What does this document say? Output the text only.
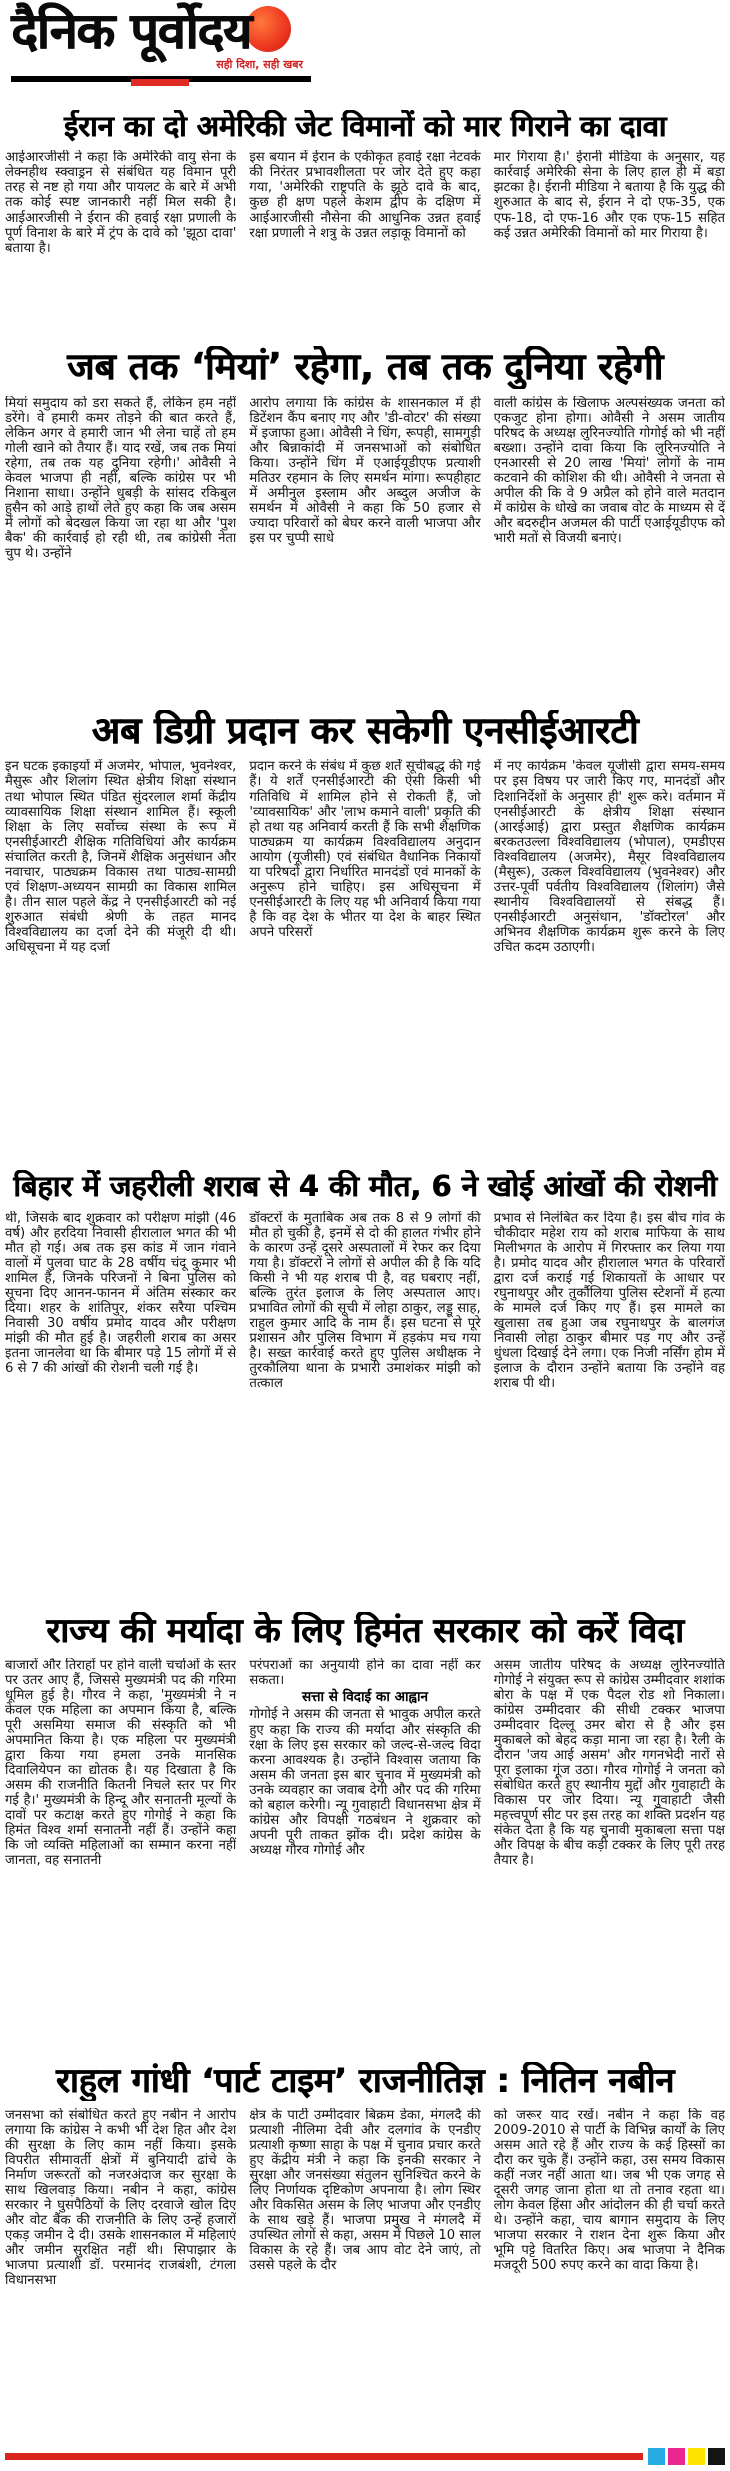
दैनिक पूर्वोदय
सही दिशा, सही खबर
ईरान का दो अमेरिकी जेट विमानों को मार गिराने का दावा
आईआरजीसी ने कहा कि अमेरिकी वायु सेना के लेक्नहीथ स्क्वाड्रन से संबंधित यह विमान पूरी तरह से नष्ट हो गया और पायलट के बारे में अभी तक कोई स्पष्ट जानकारी नहीं मिल सकी है। आईआरजीसी ने ईरान की हवाई रक्षा प्रणाली के पूर्ण विनाश के बारे में ट्रंप के दावे को 'झूठा दावा' बताया है।
इस बयान में ईरान के एकीकृत हवाई रक्षा नेटवर्क की निरंतर प्रभावशीलता पर जोर देते हुए कहा गया, 'अमेरिकी राष्ट्रपति के झूठे दावे के बाद, कुछ ही क्षण पहले केशम द्वीप के दक्षिण में आईआरजीसी नौसेना की आधुनिक उन्नत हवाई रक्षा प्रणाली ने शत्रु के उन्नत लड़ाकू विमानों को
मार गिराया है।' ईरानी मीडिया के अनुसार, यह कार्रवाई अमेरिकी सेना के लिए हाल ही में बड़ा झटका है। ईरानी मीडिया ने बताया है कि युद्ध की शुरुआत के बाद से, ईरान ने दो एफ-35, एक एफ-18, दो एफ-16 और एक एफ-15 सहित कई उन्नत अमेरिकी विमानों को मार गिराया है।
जब तक ‘मियां’ रहेगा, तब तक दुनिया रहेगी
मियां समुदाय को डरा सकते हैं, लेकिन हम नहीं डरेंगे। वे हमारी कमर तोड़ने की बात करते हैं, लेकिन अगर वे हमारी जान भी लेना चाहें तो हम गोली खाने को तैयार हैं। याद रखें, जब तक मियां रहेगा, तब तक यह दुनिया रहेगी।' ओवैसी ने केवल भाजपा ही नहीं, बल्कि कांग्रेस पर भी निशाना साधा। उन्होंने धुबड़ी के सांसद रकिबुल हुसैन को आड़े हाथों लेते हुए कहा कि जब असम में लोगों को बेदखल किया जा रहा था और 'पुश बैक' की कार्रवाई हो रही थी, तब कांग्रेसी नेता चुप थे। उन्होंने
आरोप लगाया कि कांग्रेस के शासनकाल में ही डिटेंशन कैंप बनाए गए और 'डी-वोटर' की संख्या में इजाफा हुआ। ओवैसी ने धिंग, रूपही, सामगुड़ी और बिन्नाकांदी में जनसभाओं को संबोधित किया। उन्होंने धिंग में एआईयूडीएफ प्रत्याशी मतिउर रहमान के लिए समर्थन मांगा। रूपहीहाट में अमीनुल इस्लाम और अब्दुल अजीज के समर्थन में ओवैसी ने कहा कि 50 हजार से ज्यादा परिवारों को बेघर करने वाली भाजपा और इस पर चुप्पी साधे
वाली कांग्रेस के खिलाफ अल्पसंख्यक जनता को एकजुट होना होगा। ओवैसी ने असम जातीय परिषद के अध्यक्ष लुरिनज्योति गोगोई को भी नहीं बख्शा। उन्होंने दावा किया कि लुरिनज्योति ने एनआरसी से 20 लाख 'मियां' लोगों के नाम कटवाने की कोशिश की थी। ओवैसी ने जनता से अपील की कि वे 9 अप्रैल को होने वाले मतदान में कांग्रेस के धोखे का जवाब वोट के माध्यम से दें और बदरुद्दीन अजमल की पार्टी एआईयूडीएफ को भारी मतों से विजयी बनाएं।
अब डिग्री प्रदान कर सकेगी एनसीईआरटी
इन घटक इकाइयों में अजमेर, भोपाल, भुवनेश्वर, मैसुरू और शिलांग स्थित क्षेत्रीय शिक्षा संस्थान तथा भोपाल स्थित पंडित सुंदरलाल शर्मा केंद्रीय व्यावसायिक शिक्षा संस्थान शामिल हैं। स्कूली शिक्षा के लिए सर्वोच्च संस्था के रूप में एनसीईआरटी शैक्षिक गतिविधियां और कार्यक्रम संचालित करती है, जिनमें शैक्षिक अनुसंधान और नवाचार, पाठ्यक्रम विकास तथा पाठ्य-सामग्री एवं शिक्षण-अध्ययन सामग्री का विकास शामिल है। तीन साल पहले केंद्र ने एनसीईआरटी को नई शुरुआत संबंधी श्रेणी के तहत मानद विश्वविद्यालय का दर्जा देने की मंजूरी दी थी। अधिसूचना में यह दर्जा
प्रदान करने के संबंध में कुछ शर्तें सूचीबद्ध की गई हैं। ये शर्तें एनसीईआरटी की ऐसी किसी भी गतिविधि में शामिल होने से रोकती हैं, जो 'व्यावसायिक' और 'लाभ कमाने वाली' प्रकृति की हो तथा यह अनिवार्य करती हैं कि सभी शैक्षणिक पाठ्यक्रम या कार्यक्रम विश्वविद्यालय अनुदान आयोग (यूजीसी) एवं संबंधित वैधानिक निकायों या परिषदों द्वारा निर्धारित मानदंडों एवं मानकों के अनुरूप होने चाहिए। इस अधिसूचना में एनसीईआरटी के लिए यह भी अनिवार्य किया गया है कि वह देश के भीतर या देश के बाहर स्थित अपने परिसरों
में नए कार्यक्रम 'केवल यूजीसी द्वारा समय-समय पर इस विषय पर जारी किए गए, मानदंडों और दिशानिर्देशों के अनुसार ही' शुरू करे। वर्तमान में एनसीईआरटी के क्षेत्रीय शिक्षा संस्थान (आरईआई) द्वारा प्रस्तुत शैक्षणिक कार्यक्रम बरकतउल्ला विश्वविद्यालय (भोपाल), एमडीएस विश्वविद्यालय (अजमेर), मैसूर विश्वविद्यालय (मैसुरू), उत्कल विश्वविद्यालय (भुवनेश्वर) और उत्तर-पूर्वी पर्वतीय विश्वविद्यालय (शिलांग) जैसे स्थानीय विश्वविद्यालयों से संबद्ध हैं। एनसीईआरटी अनुसंधान, 'डॉक्टोरल' और अभिनव शैक्षणिक कार्यक्रम शुरू करने के लिए उचित कदम उठाएगी।
बिहार में जहरीली शराब से 4 की मौत, 6 ने खोई आंखों की रोशनी
थी, जिसके बाद शुक्रवार को परीक्षण मांझी (46 वर्ष) और हरदिया निवासी हीरालाल भगत की भी मौत हो गई। अब तक इस कांड में जान गंवाने वालों में पुलवा घाट के 28 वर्षीय चंदू कुमार भी शामिल हैं, जिनके परिजनों ने बिना पुलिस को सूचना दिए आनन-फानन में अंतिम संस्कार कर दिया। शहर के शांतिपुर, शंकर सरैया पश्चिम निवासी 30 वर्षीय प्रमोद यादव और परीक्षण मांझी की मौत हुई है। जहरीली शराब का असर इतना जानलेवा था कि बीमार पड़े 15 लोगों में से 6 से 7 की आंखों की रोशनी चली गई है।
डॉक्टरों के मुताबिक अब तक 8 से 9 लोगों की मौत हो चुकी है, इनमें से दो की हालत गंभीर होने के कारण उन्हें दूसरे अस्पतालों में रेफर कर दिया गया है। डॉक्टरों ने लोगों से अपील की है कि यदि किसी ने भी यह शराब पी है, वह घबराए नहीं, बल्कि तुरंत इलाज के लिए अस्पताल आए। प्रभावित लोगों की सूची में लोहा ठाकुर, लड्डू साह, राहुल कुमार आदि के नाम हैं। इस घटना से पूरे प्रशासन और पुलिस विभाग में हड़कंप मच गया है। सख्त कार्रवाई करते हुए पुलिस अधीक्षक ने तुरकौलिया थाना के प्रभारी उमाशंकर मांझी को तत्काल
प्रभाव से निलंबित कर दिया है। इस बीच गांव के चौकीदार महेश राय को शराब माफिया के साथ मिलीभगत के आरोप में गिरफ्तार कर लिया गया है। प्रमोद यादव और हीरालाल भगत के परिवारों द्वारा दर्ज कराई गई शिकायतों के आधार पर रघुनाथपुर और तुर्कौलिया पुलिस स्टेशनों में हत्या के मामले दर्ज किए गए हैं। इस मामले का खुलासा तब हुआ जब रघुनाथपुर के बालगंज निवासी लोहा ठाकुर बीमार पड़ गए और उन्हें धुंधला दिखाई देने लगा। एक निजी नर्सिंग होम में इलाज के दौरान उन्होंने बताया कि उन्होंने वह शराब पी थी।
राज्य की मर्यादा के लिए हिमंत सरकार को करें विदा
बाजारों और तिराहों पर होने वाली चर्चाओं के स्तर पर उतर आए हैं, जिससे मुख्यमंत्री पद की गरिमा धूमिल हुई है। गौरव ने कहा, 'मुख्यमंत्री ने न केवल एक महिला का अपमान किया है, बल्कि पूरी असमिया समाज की संस्कृति को भी अपमानित किया है। एक महिला पर मुख्यमंत्री द्वारा किया गया हमला उनके मानसिक दिवालियेपन का द्योतक है। यह दिखाता है कि असम की राजनीति कितनी निचले स्तर पर गिर गई है।' मुख्यमंत्री के हिन्दू और सनातनी मूल्यों के दावों पर कटाक्ष करते हुए गोगोई ने कहा कि हिमंत विश्व शर्मा सनातनी नहीं हैं। उन्होंने कहा कि जो व्यक्ति महिलाओं का सम्मान करना नहीं जानता, वह सनातनी
परंपराओं का अनुयायी होने का दावा नहीं कर सकता।
सत्ता से विदाई का आह्वान
गोगोई ने असम की जनता से भावुक अपील करते हुए कहा कि राज्य की मर्यादा और संस्कृति की रक्षा के लिए इस सरकार को जल्द-से-जल्द विदा करना आवश्यक है। उन्होंने विश्वास जताया कि असम की जनता इस बार चुनाव में मुख्यमंत्री को उनके व्यवहार का जवाब देगी और पद की गरिमा को बहाल करेगी। न्यू गुवाहाटी विधानसभा क्षेत्र में कांग्रेस और विपक्षी गठबंधन ने शुक्रवार को अपनी पूरी ताकत झोंक दी। प्रदेश कांग्रेस के अध्यक्ष गौरव गोगोई और
असम जातीय परिषद के अध्यक्ष लुरिनज्योति गोगोई ने संयुक्त रूप से कांग्रेस उम्मीदवार शशांक बोरा के पक्ष में एक पैदल रोड शो निकाला। कांग्रेस उम्मीदवार की सीधी टक्कर भाजपा उम्मीदवार दिल्लू उमर बोरा से है और इस मुकाबले को बेहद कड़ा माना जा रहा है। रैली के दौरान 'जय आई असम' और गगनभेदी नारों से पूरा इलाका गूंज उठा। गौरव गोगोई ने जनता को संबोधित करते हुए स्थानीय मुद्दों और गुवाहाटी के विकास पर जोर दिया। न्यू गुवाहाटी जैसी महत्त्वपूर्ण सीट पर इस तरह का शक्ति प्रदर्शन यह संकेत देता है कि यह चुनावी मुकाबला सत्ता पक्ष और विपक्ष के बीच कड़ी टक्कर के लिए पूरी तरह तैयार है।
राहुल गांधी ‘पार्ट टाइम’ राजनीतिज्ञ : नितिन नबीन
जनसभा को संबोधित करते हुए नबीन ने आरोप लगाया कि कांग्रेस ने कभी भी देश हित और देश की सुरक्षा के लिए काम नहीं किया। इसके विपरीत सीमावर्ती क्षेत्रों में बुनियादी ढांचे के निर्माण जरूरतों को नजरअंदाज कर सुरक्षा के साथ खिलवाड़ किया। नबीन ने कहा, कांग्रेस सरकार ने घुसपैठियों के लिए दरवाजे खोल दिए और वोट बैंक की राजनीति के लिए उन्हें हजारों एकड़ जमीन दे दी। उसके शासनकाल में महिलाएं और जमीन सुरक्षित नहीं थी। सिपाझार के भाजपा प्रत्याशी डॉ. परमानंद राजबंशी, टंगला विधानसभा
क्षेत्र के पार्टी उम्मीदवार बिक्रम डेका, मंगलदै की प्रत्याशी नीलिमा देवी और दलगांव के एनडीए प्रत्याशी कृष्णा साहा के पक्ष में चुनाव प्रचार करते हुए केंद्रीय मंत्री ने कहा कि इनकी सरकार ने सुरक्षा और जनसंख्या संतुलन सुनिश्चित करने के लिए निर्णायक दृष्टिकोण अपनाया है। लोग स्थिर और विकसित असम के लिए भाजपा और एनडीए के साथ खड़े हैं। भाजपा प्रमुख ने मंगलदै में उपस्थित लोगों से कहा, असम में पिछले 10 साल विकास के रहे हैं। जब आप वोट देने जाएं, तो उससे पहले के दौर
को जरूर याद रखें। नबीन ने कहा कि वह 2009-2010 से पार्टी के विभिन्न कार्यों के लिए असम आते रहे हैं और राज्य के कई हिस्सों का दौरा कर चुके हैं। उन्होंने कहा, उस समय विकास कहीं नजर नहीं आता था। जब भी एक जगह से दूसरी जगह जाना होता था तो तनाव रहता था। लोग केवल हिंसा और आंदोलन की ही चर्चा करते थे। उन्होंने कहा, चाय बागान समुदाय के लिए भाजपा सरकार ने राशन देना शुरू किया और भूमि पट्टे वितरित किए। अब भाजपा ने दैनिक मजदूरी 500 रुपए करने का वादा किया है।
